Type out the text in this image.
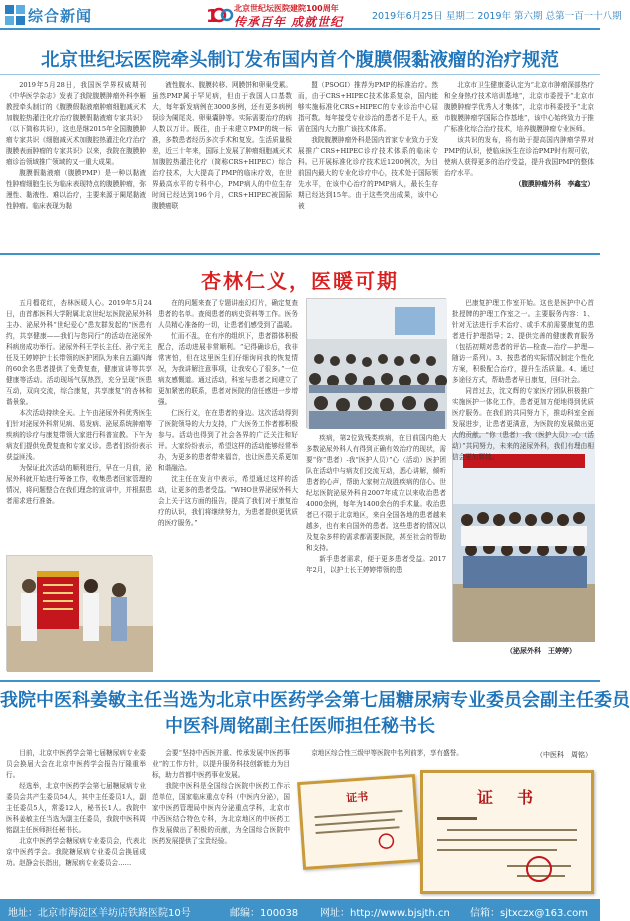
综合新闻	1 北京世纪坛医院建院100周年
传承百年 成就世纪	2019年6月25日 星期二 2019年 第六期 总第一百一十八期
北京世纪坛医院牵头制订发布国内首个腹膜假黏液瘤的治疗规范

2019年5月28日，我国医学界权威期刊《中华医学杂志》发表了我院腹膜肿瘤外科李雁教授牵头制订的《腹膜假黏液瘤肿瘤细胞减灭术加腹腔热灌注化疗治疗腹膜假黏液瘤专家共识》（以下简称共识），这也是继2015年全国腹膜肿瘤专家共识《细胞减灭术加腹腔热灌注化疗治疗腹膜表面肿瘤的专家共识》以来，我院在腹膜肿瘤诊治领域推广领域的又一重大成果。

腹膜假黏液瘤（腹膜PMP）是一种以黏液性肿瘤细胞生长为临床表现特点的腹膜肿瘤，弥漫性、黏液性、难以治疗，主要来源于阑尾黏液性肿瘤。临床表现为黏

液性腹水、腹膜转移、网膜饼和卵巢受累。虽然PMP属于罕见病，但由于我国人口基数大，每年新发病例在3000多例，还有更多病例误诊为阑尾炎、卵巢囊肿等。实际需要治疗的病人数以万计。既往，由于未建立PMP的统一标准，多数患者经历多次手术和复发。生活质量极差，近三十年来，国际上发展了肿瘤细胞减灭术加腹腔热灌注化疗（简称CRS+HIPEC）综合治疗技术，大大提高了PMP的临床疗效，在世界最高水平的专科中心，PMP病人的中位生存时间已经达到196个月，CRS+HIPEC被国际腹膜癌联

盟（PSOGI）推荐为PMP的标准治疗。然而，由于CRS+HIPEC技术体系复杂，国内能够实施标准化CRS+HIPEC的专业诊治中心屈指可数。每年接受专业诊治的患者不足千人，亟需在国内大力推广该技术体系。

我院腹膜肿瘤外科是国内首家专业致力于发展推广CRS+HIPEC诊疗技术体系的临床专科。已开展标准化诊疗技术近1200例次，为目前国内最大的专业化诊疗中心，技术处于国际领先水平，在该中心治疗的PMP病人，最长生存期已经达到15年。由于这些突出成果，该中心被

北京市卫生健康委认定为“北京市肿瘤深部热疗和全身热疗技术培训基地”，北京市委授予“北京市腹膜肿瘤学优秀人才集体”，北京市科委授予“北京市腹膜肿瘤学国际合作基地”，该中心始终致力于推广标准化综合治疗技术，培养腹膜肿瘤专业医师。

该共识的发布，将有助于提高国内肿瘤学界对PMP的认识，使临床医生在诊治PMP时有规可依，使病人获得更多的治疗受益，提升我国PMP的整体治疗水平。

（腹膜肿瘤外科　李鑫宝）

杏林仁义，医暖可期

五月榴花红，杏林医暖人心。2019年5月24日，由首都医科大学附属北京世纪坛医院泌尿外科主办、泌尿外科“世纪爱心”患友群发起的“医患有约，共享健康——我们与您同行”的活动在泌尿外科病房成功举行。泌尿外科王学长主任、孙宁光主任及王婷婷护士长带领的医护团队为来自五湖四海的60余名患者提供了免费复查，健康宣讲等共享健康等活动。活动现场气氛热烈，充分呈现“医患互动，双向交流，综合康复，共享康复”的杏林和谐景象。

本次活动持续全天。上午由泌尿外科优秀医生们针对泌尿外科常见病、易发病、泌尿系统肿瘤等疾病的诊疗与康复带领大家进行科普宣教。下午为病友们提供免费复查和专家义诊。患者们纷纷表示获益匪浅。

为保证此次活动的顺利进行，早在一月前，泌尿外科就开始进行筹备工作，收集患者回家管理的情况，将问题整合在我们理念的宣讲中，并根据患者需求进行准备。

在的问题来查了专题讲座幻灯片，确定复查患者的名单。查阅患者的病史资料等工作。医务人员精心准备的一切，让患者们感受到了温暖。

忙而不乱，在有序的组织下，患者群体积极配合，活动进展非常顺利。“记得确诊后，我非常害怕，但在这里医生们仔细询问我的恢复情况，为我讲解注意事项，让我安心了很多。”一位病友感慨道。通过活动，科室与患者之间建立了更加紧密的联系，患者对医院的信任感进一步增强。

仁医行义，在在患者的身边。这次活动得到了医院领导的大力支持，广大医务工作者都积极参与。活动也得到了社会各界的广泛关注和好评。大家纷纷表示，希望这样的活动能够经常举办，为更多的患者带来福音，也让医患关系更加和谐融洽。

沈主任在发言中表示，希望通过这样的活动，让更多的患者受益。“WHO世界泌尿外科大会上关于这方面的报告，提高了我们对于康复治疗的认识，我们将继续努力，为患者提供更优质的医疗服务。”

（泌尿外科　王婷婷）

疾病，第2位致残类疾病，在目前国内绝大多数泌尿外科人有得到正确有效治疗的现状，需要“你”患者）-我“医护人员）”心（活动）医护团队在活动中与病友们交流互动，悉心讲解，倾听患者的心声，帮助大家树立战胜疾病的信心。世纪坛医院泌尿外科自2007年成立以来收治患者4000余例，每年为1400余台的手术量。收治患者已不限于北京地区，来自全国各地的患者越来越多，也有来自国外的患者。这些患者的情况以及复杂多样的需求都需要医院，甚至社会的帮助和支持。

新手患者需求，便于更多患者受益。2017年2月，以护士长王婷婷带领的患

巴康复护理工作室开始。这也是医护中心首批授牌的护理工作室之一。主要服务内容：1、针对无法进行手术治疗、或手术前需要康复的患者进行护理指导；2、提供完善的健康教育服务（包括初期对患者的评估—检查—治疗—护理—随访一系列）。3、按患者的实际情况制定个性化方案，积极配合治疗，提升生活质量。4、通过多途径方式，帮助患者早日康复，回归社会。

同首过去，沈文辉的专家医疗团队积极推广实施医护一体化工作，患者更加方便地得到优质医疗服务。在我们的共同努力下，推动科室全面发展进步，让患者更满意，为医院的发展做出更大的贡献。“你（患者）-我（医护人员）-心（活动）”共同努力，未来的泌尿外科，我们有理由相信会更加辉煌。

我院中医科姜敏主任当选为北京中医药学会第七届糖尿病专业委员会副主任委员
中医科周铭副主任医师担任秘书长

目前，北京中医药学会第七届糖尿病专业委员会换届大会在北京中医药学会报告厅隆重举行。

经选举，北京中医药学会第七届糖尿病专业委员会共产生委员54人，其中主任委员1人，副主任委员5人，常委12人，秘书长1人。我院中医科姜敏主任当选为副主任委员，我院中医科周铭副主任医师担任秘书长。

北京中医药学会糖尿病专业委员会，代表北京中医药学会。我院糖尿病专业委员会换届成功。赵静会长指出，糖尿病专业委员会……

会要“坚持中西医并重、传承发展中医药事业”的工作方针，以提升服务科技创新能力为目标，助力首都中医药事业发展。

我院中医科是全国综合医院中医药工作示范单位，国家临床重点专科（中医内分泌），国家中医药管理局中医内分泌重点学科，北京市中西医结合特色专科，为北京地区的中医药工作发展做出了积极的贡献，为全国综合医院中医药发展提供了宝贵经验。

京地区综合性三级甲等医院中名列前茅，享有盛誉。	（中医科　周铭）
证书	证　书
地址：北京市海淀区羊坊店铁路医院10号	邮编：100038 网址：http://www.bjsjth.cn 信箱：sjtxczx@163.com
